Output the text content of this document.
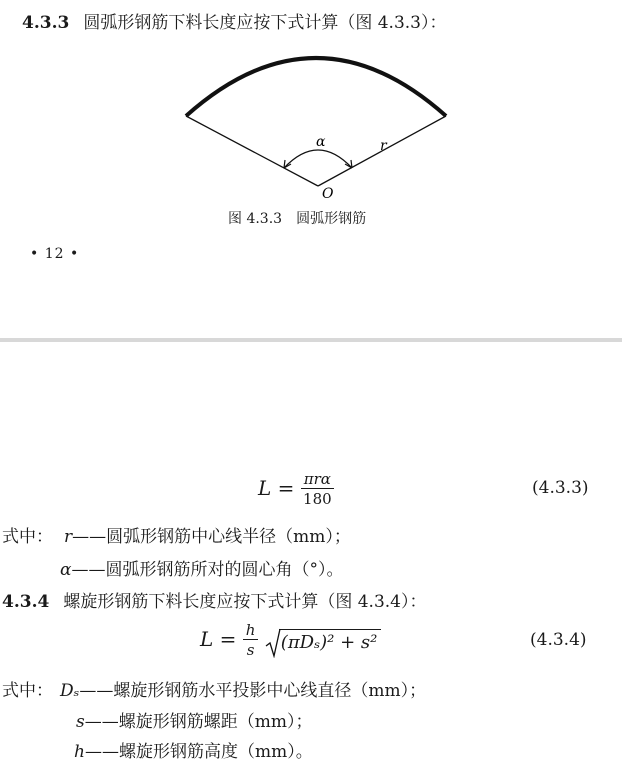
4.3.3 圆弧形钢筋下料长度应按下式计算（图 4.3.3）：
α	r
O
图 4.3.3　圆弧形钢筋
• 12 •
$L = \frac{\text{πrα}}{180}$	(4.3.3)
式中： r——圆弧形钢筋中心线半径（mm）；
α——圆弧形钢筋所对的圆心角（°）。
4.3.4 螺旋形钢筋下料长度应按下式计算（图 4.3.4）：
$L = \frac{h}{s}$
(πDₛ)² + s²	(4.3.4)
式中： Dₛ——螺旋形钢筋水平投影中心线直径（mm）；
s——螺旋形钢筋螺距（mm）；
h——螺旋形钢筋高度（mm）。
